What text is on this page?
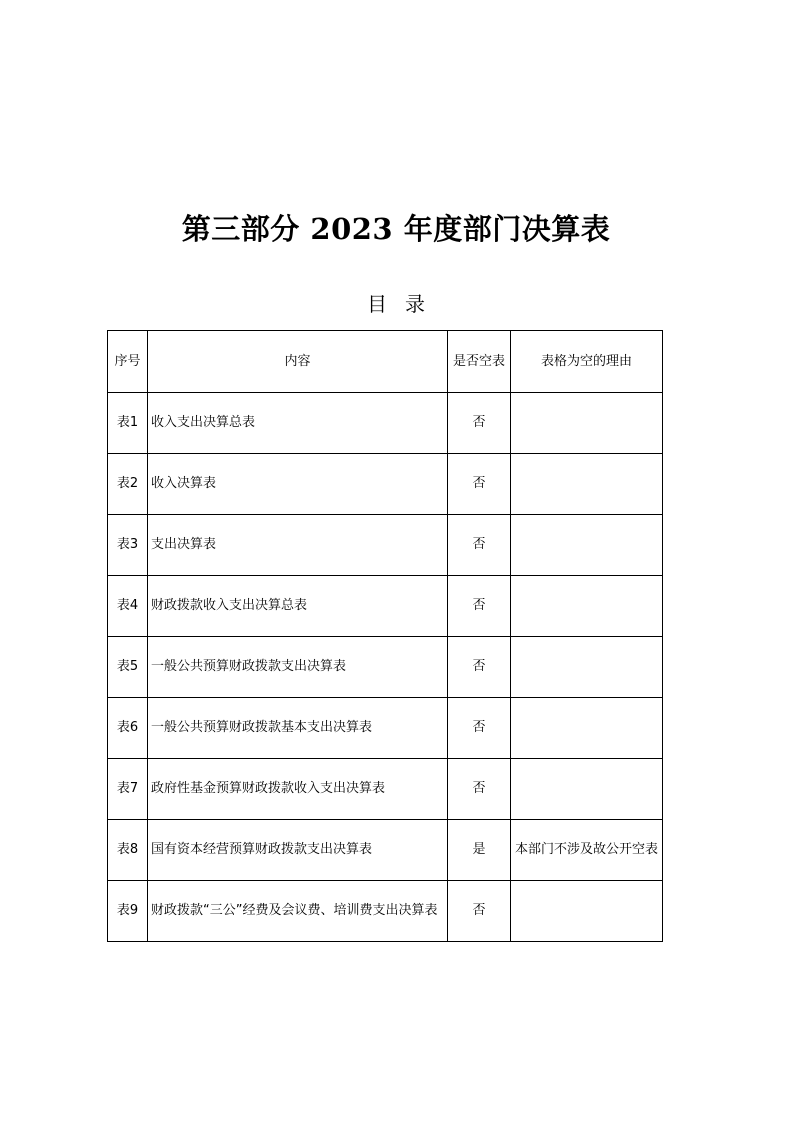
第三部分 2023 年度部门决算表
目录
序号	内容	是否空表	表格为空的理由
表1	收入支出决算总表	否	
表2	收入决算表	否	
表3	支出决算表	否	
表4	财政拨款收入支出决算总表	否	
表5	一般公共预算财政拨款支出决算表	否	
表6	一般公共预算财政拨款基本支出决算表	否	
表7	政府性基金预算财政拨款收入支出决算表	否	
表8	国有资本经营预算财政拨款支出决算表	是	本部门不涉及故公开空表
表9	财政拨款“三公”经费及会议费、培训费支出决算表	否	
